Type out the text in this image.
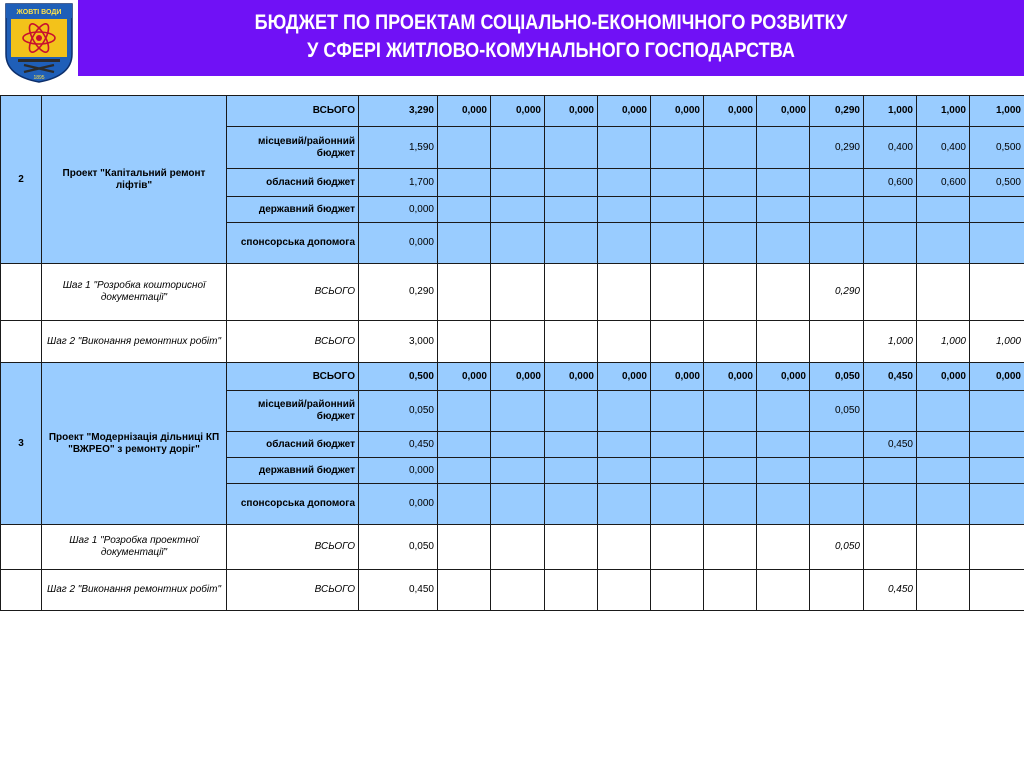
БЮДЖЕТ ПО ПРОЕКТАМ СОЦІАЛЬНО-ЕКОНОМІЧНОГО РОЗВИТКУ
У СФЕРІ ЖИТЛОВО-КОМУНАЛЬНОГО ГОСПОДАРСТВА
ЖОВТІ ВОДИ
1895
2	Проект "Капітальний ремонт ліфтів"	ВСЬОГО	3,290	0,000	0,000	0,000	0,000	0,000	0,000	0,000	0,290	1,000	1,000	1,000
		місцевий/районний бюджет	1,590								0,290	0,400	0,400	0,500
		обласний бюджет	1,700									0,600	0,600	0,500
		державний бюджет	0,000											
		спонсорська допомога	0,000											
	Шаг 1 "Розробка кошторисної документації"	ВСЬОГО	0,290								0,290			
	Шаг 2 "Виконання ремонтних робіт"	ВСЬОГО	3,000									1,000	1,000	1,000
3	Проект "Модернізація дільниці КП "ВЖРЕО" з ремонту доріг"	ВСЬОГО	0,500	0,000	0,000	0,000	0,000	0,000	0,000	0,000	0,050	0,450	0,000	0,000
		місцевий/районний бюджет	0,050								0,050			
		обласний бюджет	0,450									0,450		
		державний бюджет	0,000											
		спонсорська допомога	0,000											
	Шаг 1 "Розробка проектної документації"	ВСЬОГО	0,050								0,050			
	Шаг 2 "Виконання ремонтних робіт"	ВСЬОГО	0,450									0,450		
